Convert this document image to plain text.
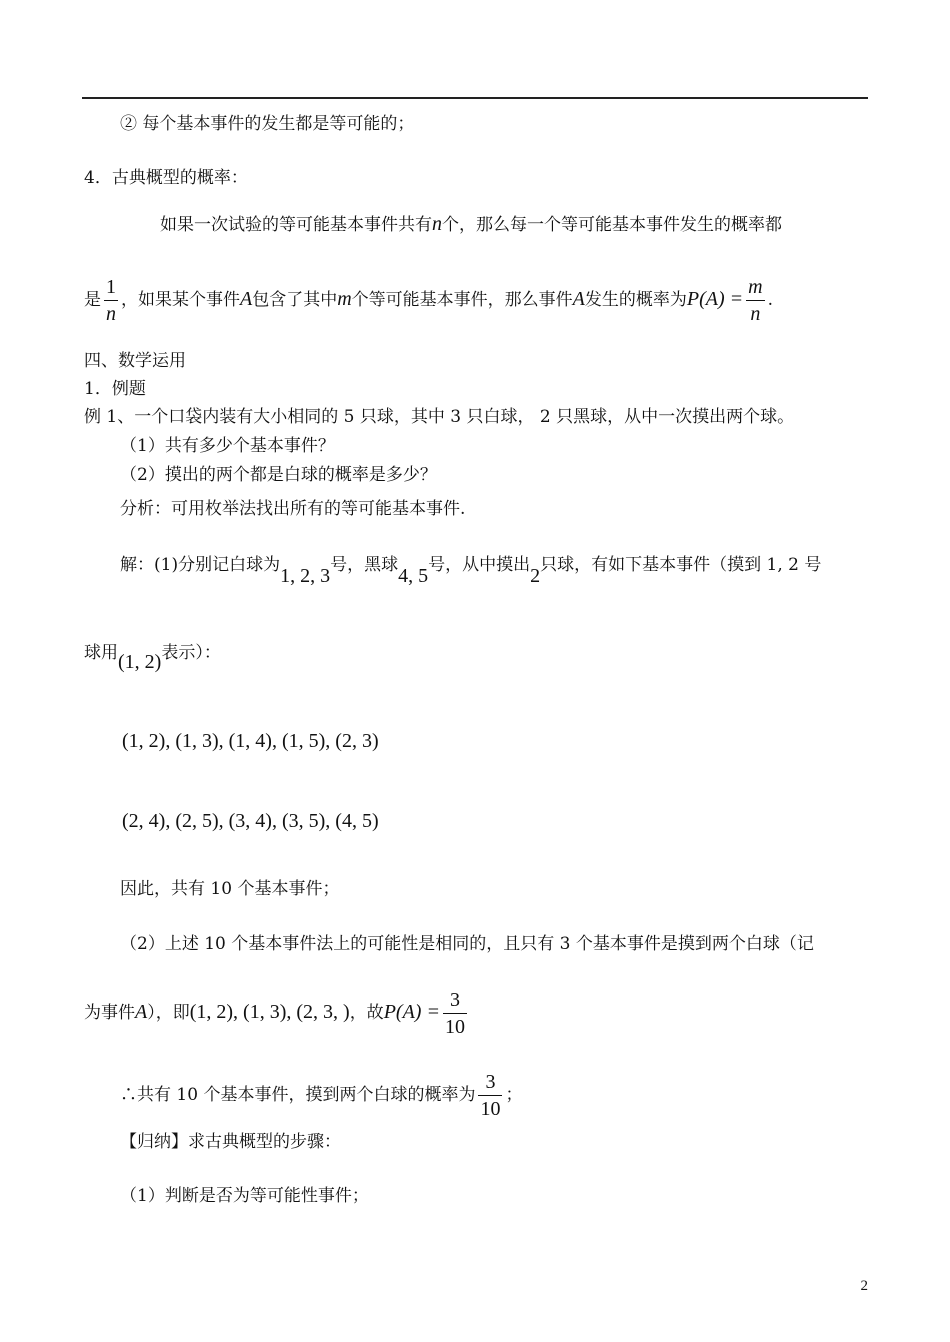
② 每个基本事件的发生都是等可能的；
4．古典概型的概率：
如果一次试验的等可能基本事件共有n个，那么每一个等可能基本事件发生的概率都
是 $\frac{1}{n}$ ，如果某个事件A包含了其中m个等可能基本事件，那么事件A发生的概率为$P(A) = \frac{m}{n}$ .
四、数学运用
1．例题
例 1、一个口袋内装有大小相同的 5 只球，其中 3 只白球， 2 只黑球，从中一次摸出两个球。
（1）共有多少个基本事件？
（2）摸出的两个都是白球的概率是多少？
分析：可用枚举法找出所有的等可能基本事件.
解：(1)分别记白球为1, 2, 3号，黑球4, 5号，从中摸出2只球，有如下基本事件（摸到 1, 2 号
球用(1, 2)表示）：
(1, 2), (1, 3), (1, 4), (1, 5), (2, 3)
(2, 4), (2, 5), (3, 4), (3, 5), (4, 5)
因此，共有 10 个基本事件；
（2）上述 10 个基本事件法上的可能性是相同的，且只有 3 个基本事件是摸到两个白球（记
为事件A），即(1, 2), (1, 3), (2, 3, )，故$P(A) = \frac{3}{10}$
∴共有 10 个基本事件，摸到两个白球的概率为 $\frac{3}{10}$ ；
【归纳】求古典概型的步骤：
（1）判断是否为等可能性事件；
2
